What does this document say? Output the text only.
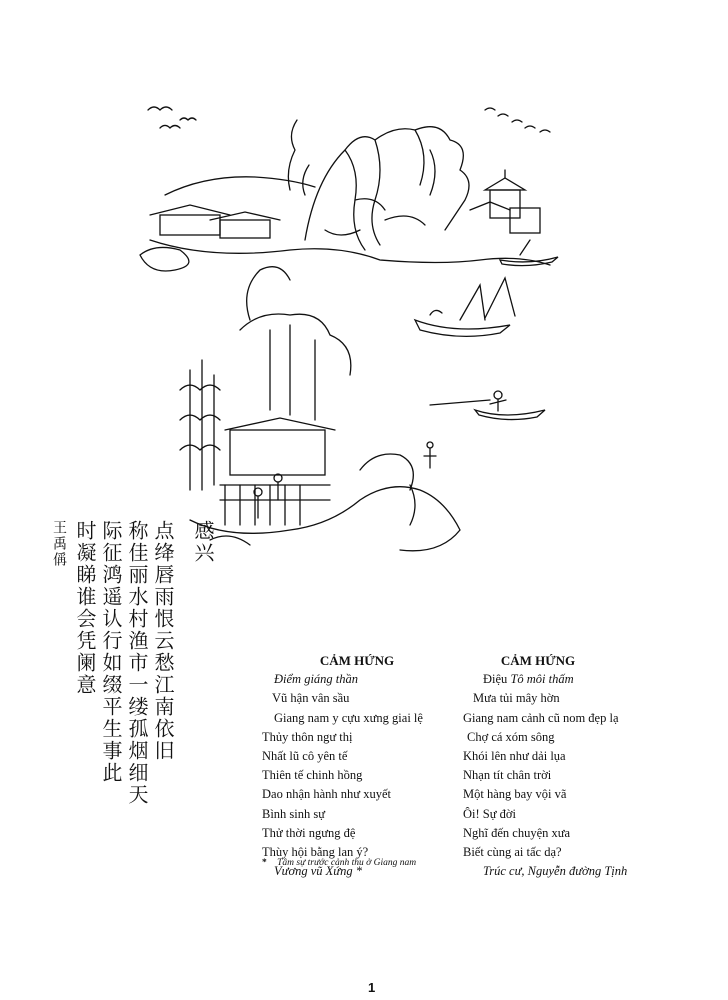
感兴
点绛唇雨恨云愁江南依旧
称佳丽水村渔市一缕孤烟细天
际征鸿遥认行如缀平生事此
时凝睇谁会凭阑意
王禹偁
CẢM HỨNG
Điểm giáng thần
Vũ hận vân sầu
Giang nam y cựu xưng giai lệ
Thủy thôn ngư thị
Nhất lũ cô yên tế
Thiên tế chinh hồng
Dao nhận hành như xuyết
Bình sinh sự
Thử thời ngưng đệ
Thùy hội bằng lan ý?
Vương vũ Xứng *
CẢM HỨNG
Điệu Tô môi thấm
Mưa tủi mây hờn
Giang nam cảnh cũ nom đẹp lạ
Chợ cá xóm sông
Khói lên như dải lụa
Nhạn tít chân trời
Một hàng bay vội vã
Ôi! Sự đời
Nghĩ đến chuyện xưa
Biết cùng ai tấc dạ?
Trúc cư, Nguyễn đường Tịnh
* Tâm sự trước cảnh thu ở Giang nam
1
